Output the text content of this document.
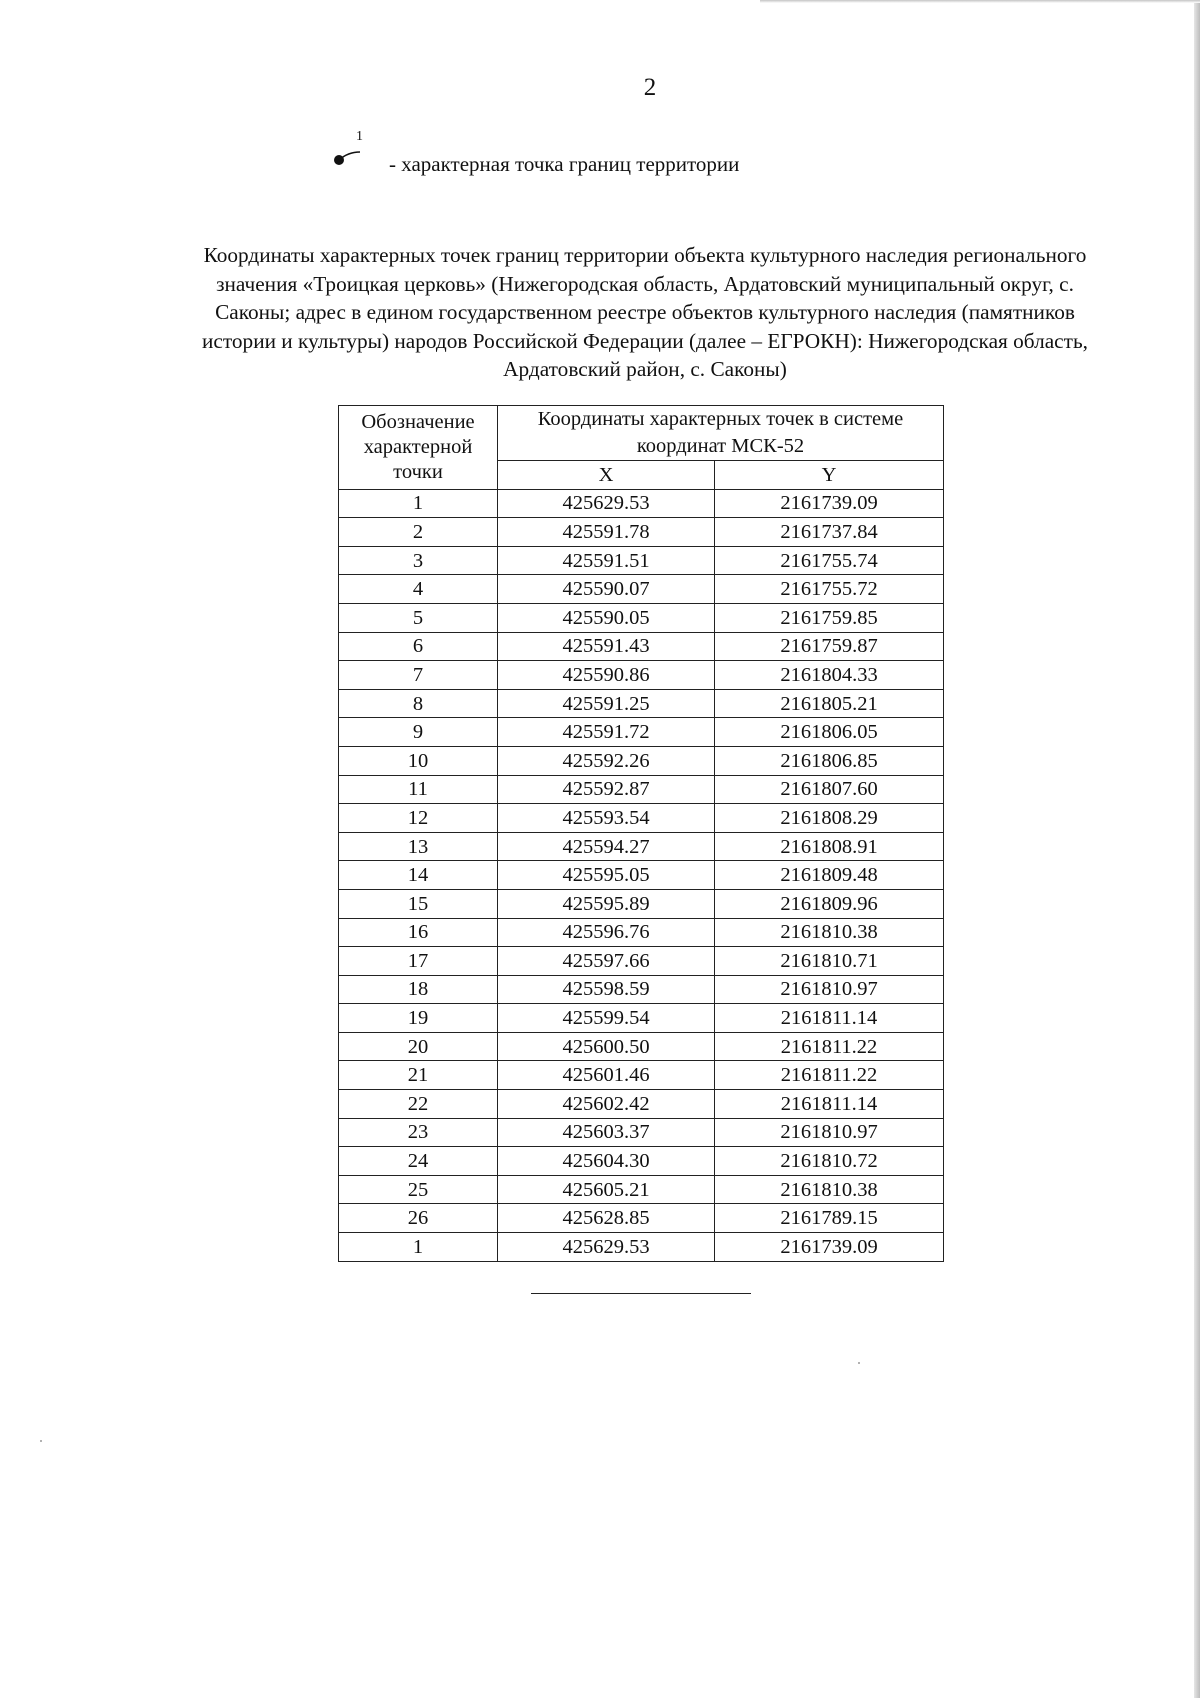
2
1
- характерная точка границ территории
Координаты характерных точек границ территории объекта культурного наследия регионального значения «Троицкая церковь» (Нижегородская область, Ардатовский муниципальный округ, с. Саконы; адрес в едином государственном реестре объектов культурного наследия (памятников истории и культуры) народов Российской Федерации (далее – ЕГРОКН): Нижегородская область, Ардатовский район, с. Саконы)
Обозначение характерной точки	Координаты характерных точек в системе координат МСК-52	
	X	Y
1	425629.53	2161739.09
2	425591.78	2161737.84
3	425591.51	2161755.74
4	425590.07	2161755.72
5	425590.05	2161759.85
6	425591.43	2161759.87
7	425590.86	2161804.33
8	425591.25	2161805.21
9	425591.72	2161806.05
10	425592.26	2161806.85
11	425592.87	2161807.60
12	425593.54	2161808.29
13	425594.27	2161808.91
14	425595.05	2161809.48
15	425595.89	2161809.96
16	425596.76	2161810.38
17	425597.66	2161810.71
18	425598.59	2161810.97
19	425599.54	2161811.14
20	425600.50	2161811.22
21	425601.46	2161811.22
22	425602.42	2161811.14
23	425603.37	2161810.97
24	425604.30	2161810.72
25	425605.21	2161810.38
26	425628.85	2161789.15
1	425629.53	2161739.09
